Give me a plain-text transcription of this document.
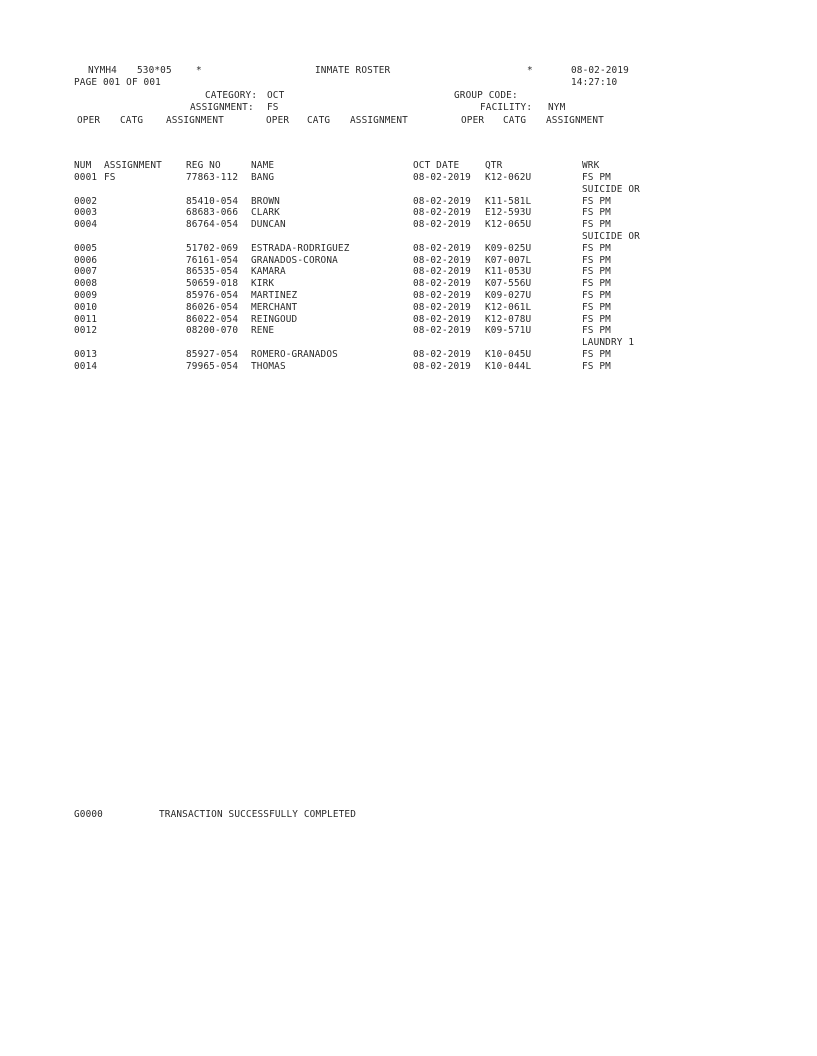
NYMH4 530*05	*	INMATE ROSTER	*	08-02-2019
PAGE 001 OF 001	14:27:10
CATEGORY: OCT	GROUP CODE:
ASSIGNMENT: FS	FACILITY: NYM
OPER CATG ASSIGNMENT	OPER CATG ASSIGNMENT	OPER CATG ASSIGNMENT
NUM ASSIGNMENT	REG NO	NAME	OCT DATE	QTR	WRK
0001 FS	77863-112 BANG	08-02-2019 K12-062U	FS PM
SUICIDE OR
0002	85410-054 BROWN	08-02-2019 K11-581L	FS PM
0003	68683-066 CLARK	08-02-2019 E12-593U	FS PM
0004	86764-054 DUNCAN	08-02-2019 K12-065U	FS PM
SUICIDE OR
0005	51702-069 ESTRADA-RODRIGUEZ	08-02-2019 K09-025U	FS PM
0006	76161-054 GRANADOS-CORONA	08-02-2019 K07-007L	FS PM
0007	86535-054 KAMARA	08-02-2019 K11-053U	FS PM
0008	50659-018 KIRK	08-02-2019 K07-556U	FS PM
0009	85976-054 MARTINEZ	08-02-2019 K09-027U	FS PM
0010	86026-054 MERCHANT	08-02-2019 K12-061L	FS PM
0011	86022-054 REINGOUD	08-02-2019 K12-078U	FS PM
0012	08200-070 RENE	08-02-2019 K09-571U	FS PM
LAUNDRY 1
0013	85927-054 ROMERO-GRANADOS	08-02-2019 K10-045U	FS PM
0014	79965-054 THOMAS	08-02-2019 K10-044L	FS PM
G0000	TRANSACTION SUCCESSFULLY COMPLETED
